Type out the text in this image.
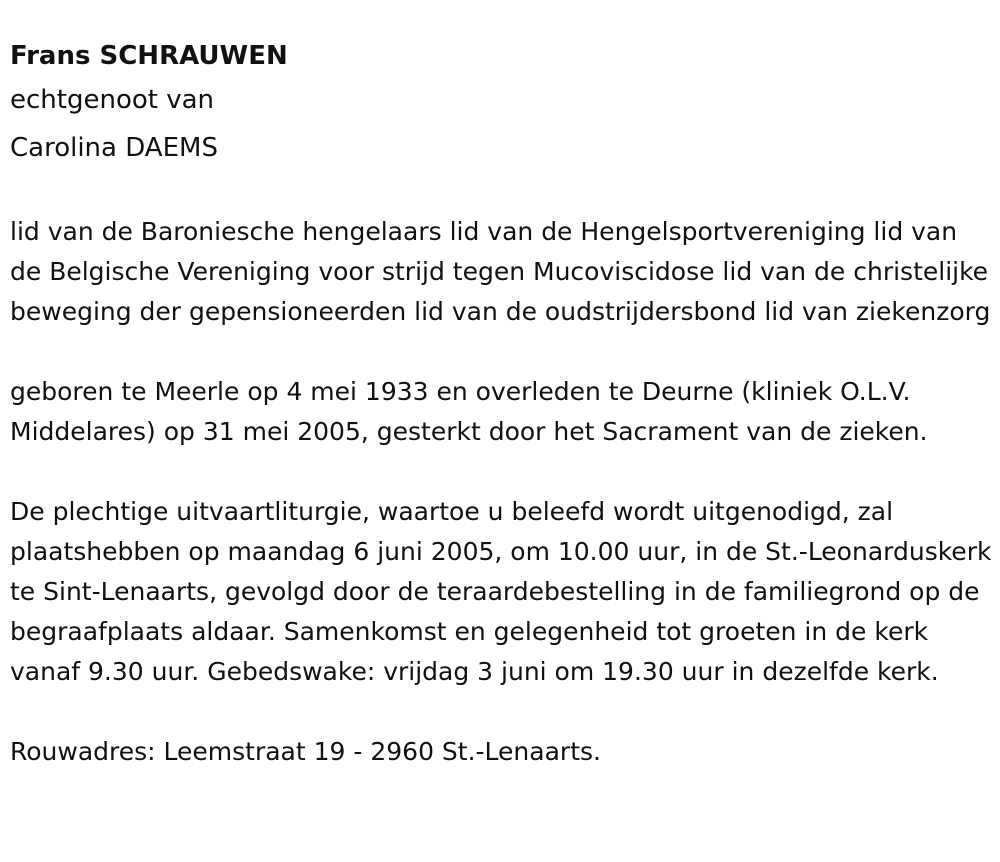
Frans SCHRAUWEN

echtgenoot van

Carolina DAEMS

lid van de Baroniesche hengelaars lid van de Hengelsportvereniging lid van de Belgische Vereniging voor strijd tegen Mucoviscidose lid van de christelijke beweging der gepensioneerden lid van de oudstrijdersbond lid van ziekenzorg

geboren te Meerle op 4 mei 1933 en overleden te Deurne (kliniek O.L.V. Middelares) op 31 mei 2005, gesterkt door het Sacrament van de zieken.

De plechtige uitvaartliturgie, waartoe u beleefd wordt uitgenodigd, zal plaatshebben op maandag 6 juni 2005, om 10.00 uur, in de St.-Leonarduskerk te Sint-Lenaarts, gevolgd door de teraardebestelling in de familiegrond op de begraafplaats aldaar. Samenkomst en gelegenheid tot groeten in de kerk vanaf 9.30 uur. Gebedswake: vrijdag 3 juni om 19.30 uur in dezelfde kerk.

Rouwadres: Leemstraat 19 - 2960 St.-Lenaarts.
